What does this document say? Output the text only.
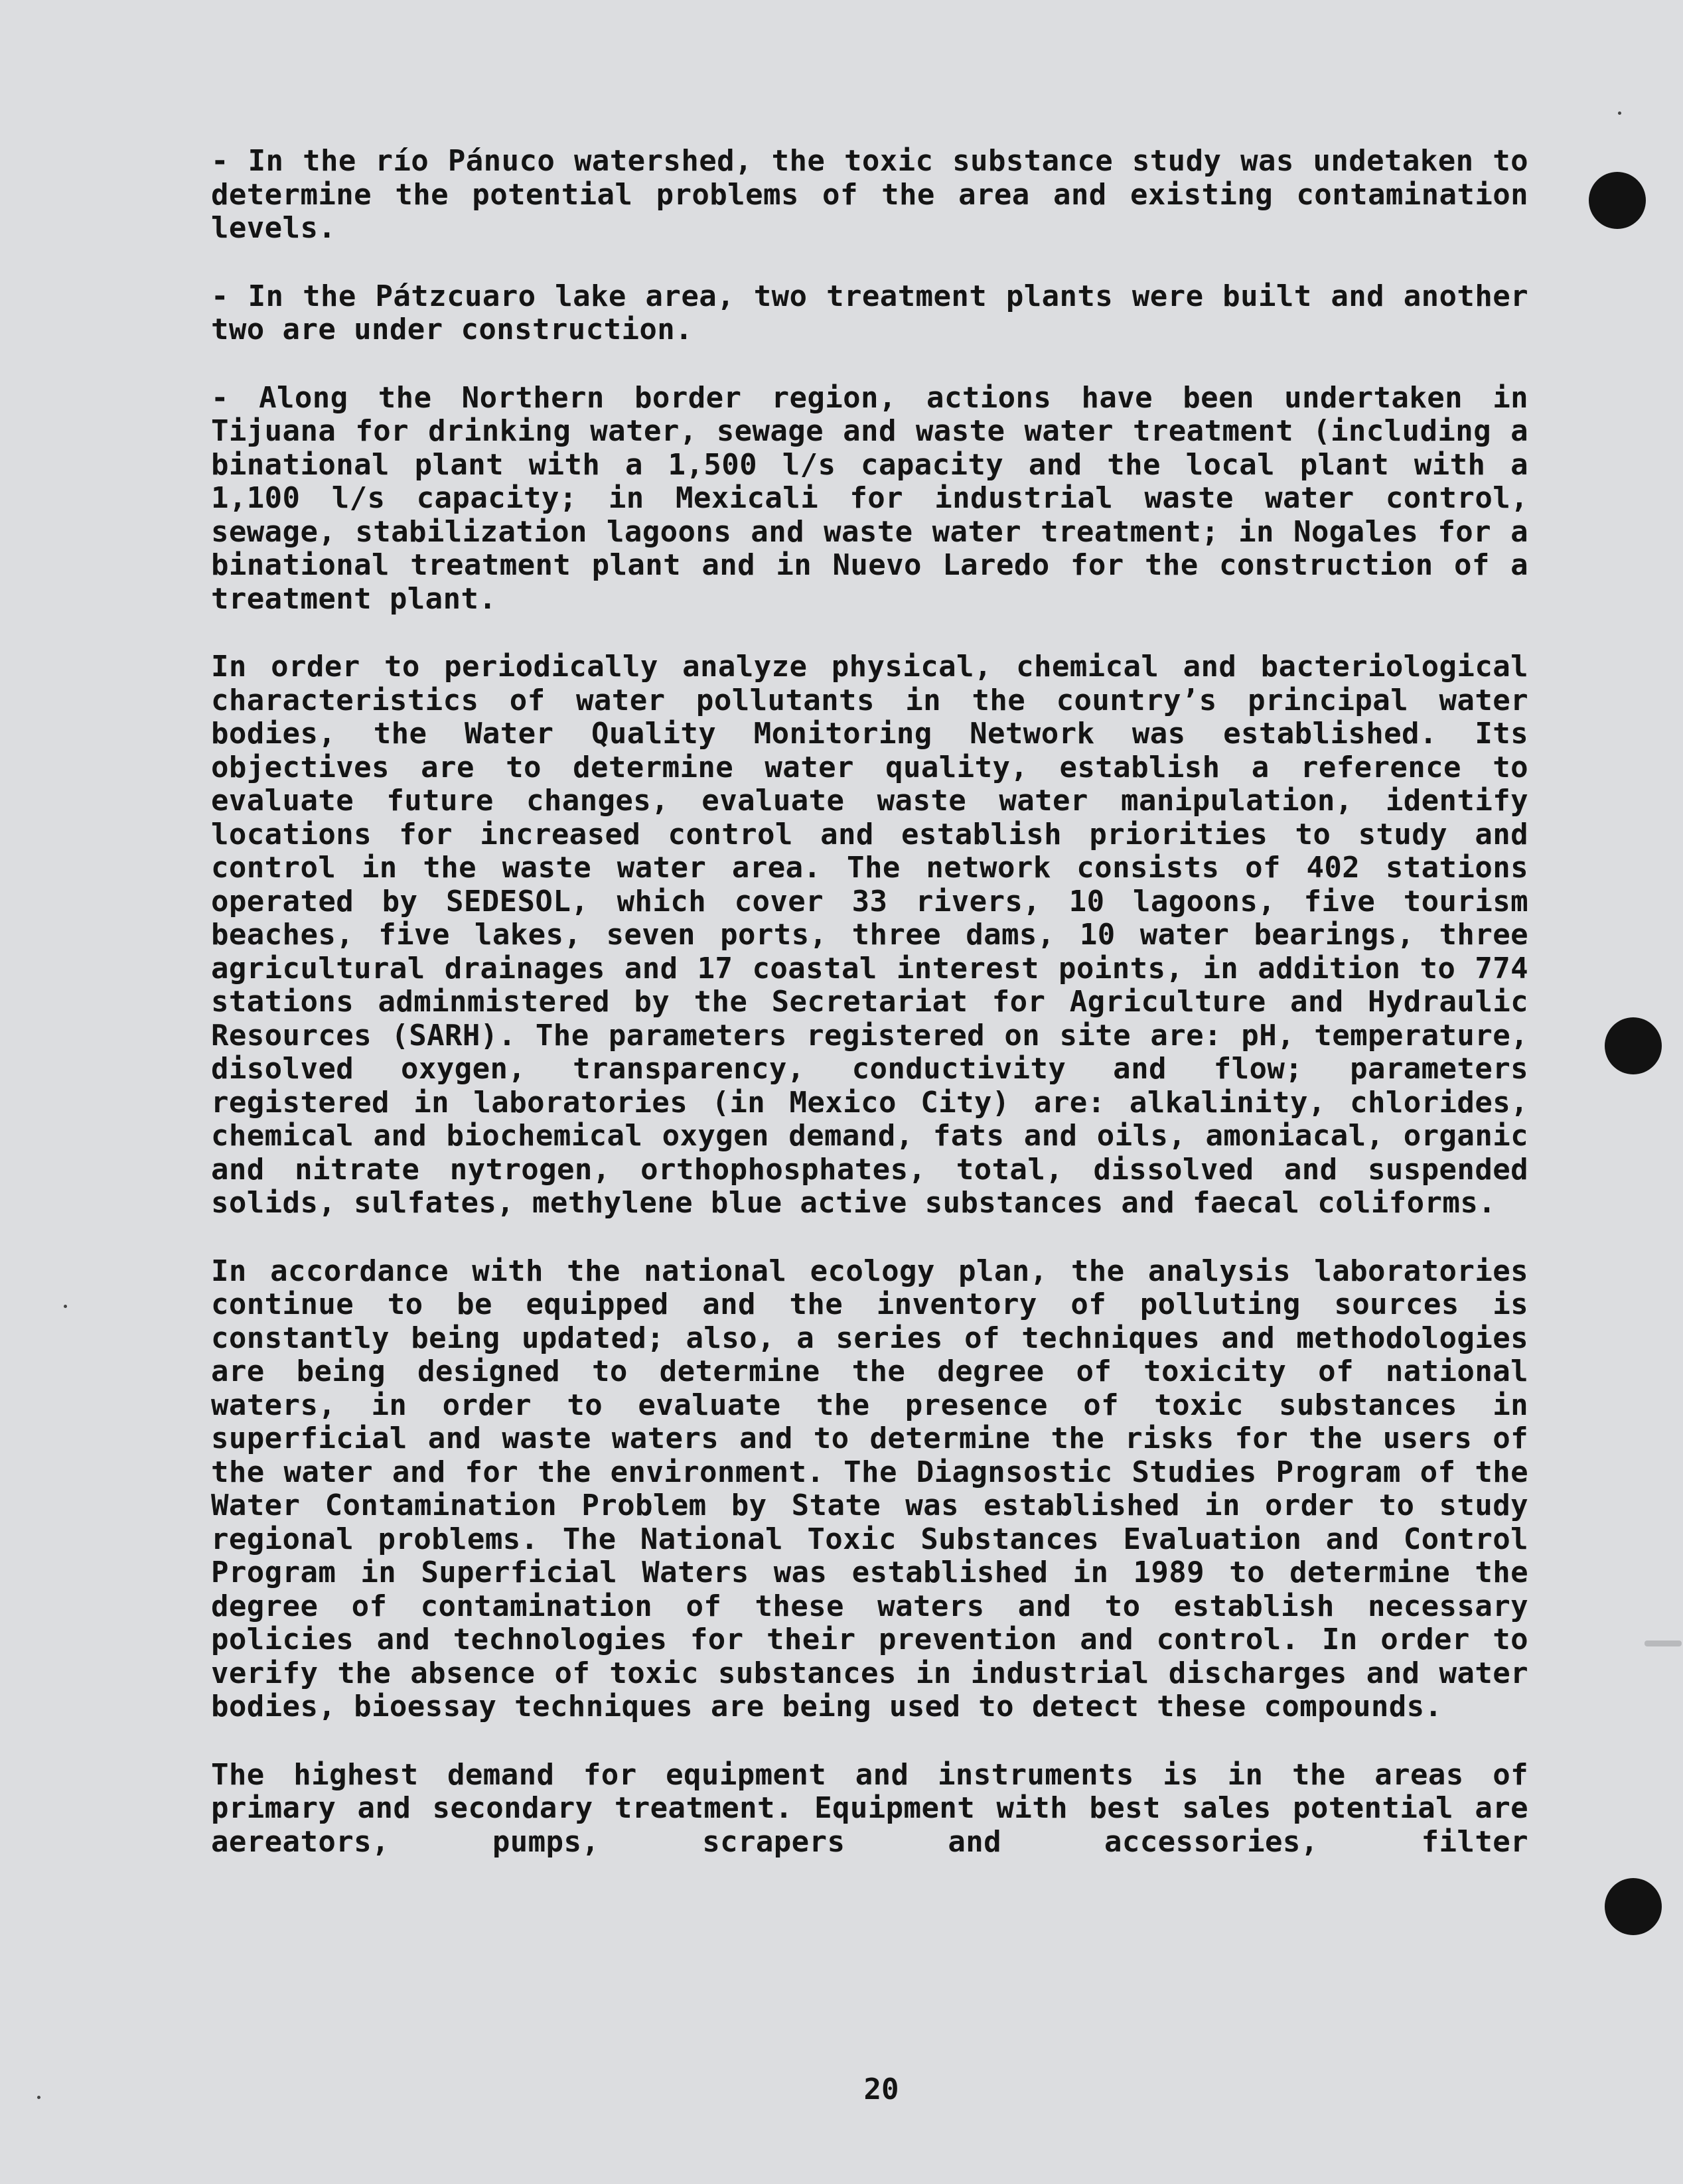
- In the río Pánuco watershed, the toxic substance study was undetaken to determine the potential problems of the area and existing contamination levels.

- In the Pátzcuaro lake area, two treatment plants were built and another two are under construction.

- Along the Northern border region, actions have been undertaken in Tijuana for drinking water, sewage and waste water treatment (including a binational plant with a 1,500 l/s capacity and the local plant with a 1,100 l/s capacity; in Mexicali for industrial waste water control, sewage, stabilization lagoons and waste water treatment; in Nogales for a binational treatment plant and in Nuevo Laredo for the construction of a treatment plant.

In order to periodically analyze physical, chemical and bacteriological characteristics of water pollutants in the country’s principal water bodies, the Water Quality Monitoring Network was established. Its objectives are to determine water quality, establish a reference to evaluate future changes, evaluate waste water manipulation, identify locations for increased control and establish priorities to study and control in the waste water area. The network consists of 402 stations operated by SEDESOL, which cover 33 rivers, 10 lagoons, five tourism beaches, five lakes, seven ports, three dams, 10 water bearings, three agricultural drainages and 17 coastal interest points, in addition to 774 stations adminmistered by the Secretariat for Agriculture and Hydraulic Resources (SARH). The parameters registered on site are: pH, temperature, disolved oxygen, transparency, conductivity and flow; parameters registered in laboratories (in Mexico City) are: alkalinity, chlorides, chemical and biochemical oxygen demand, fats and oils, amoniacal, organic and nitrate nytrogen, orthophosphates, total, dissolved and suspended solids, sulfates, methylene blue active substances and faecal coliforms.

In accordance with the national ecology plan, the analysis laboratories continue to be equipped and the inventory of polluting sources is constantly being updated; also, a series of techniques and methodologies are being designed to determine the degree of toxicity of national waters, in order to evaluate the presence of toxic substances in superficial and waste waters and to determine the risks for the users of the water and for the environment. The Diagnsostic Studies Program of the Water Contamination Problem by State was established in order to study regional problems. The National Toxic Substances Evaluation and Control Program in Superficial Waters was established in 1989 to determine the degree of contamination of these waters and to establish necessary policies and technologies for their prevention and control. In order to verify the absence of toxic substances in industrial discharges and water bodies, bioessay techniques are being used to detect these compounds.

The highest demand for equipment and instruments is in the areas of primary and secondary treatment. Equipment with best sales potential are aereators, pumps, scrapers and accessories, filter

20
